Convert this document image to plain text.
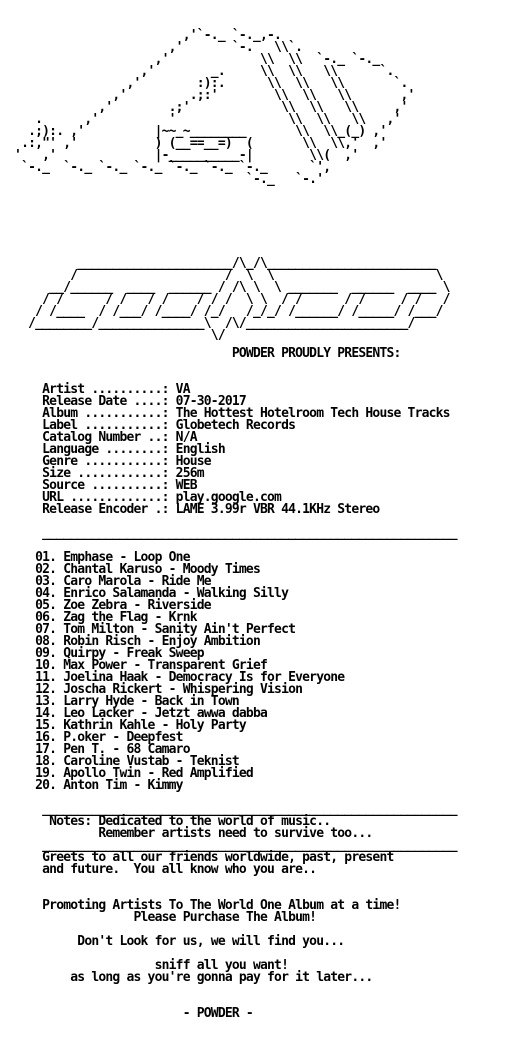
,'`-._ `-._,-.
,'       `-.   \\`.
,'             \\  \\  `-._ `-._
,'        _.     \\  \\   \\      `.
,'        :):.      \\  \\   \\       `.
,'         .;:'        \\  \\   \\       ,'
,'        .;'             \\  \\   \\     ,'
.      ,'          '                \\  \\   \\   ,'
.;):. ,'          |~~_~________       \\  \\_(_) ,'
.:,"' ,'           ) (__==__=)  (       \\  \\,'  ,'
'   ,'              |-__________-|        \\(  ,'
`-._  `-._ `-._ `-._ `-._ `-._ `-._      `',
`-._   `-.'
______________________/\_/\________________________
/                     /  \  \                       \
__/______  ____  ______ / /\ \  \ _______  ______  ____ \
/ /      / /   / /    / / /  \ \  / /      / /     / /   /
/ /____  / /___/ /____/ /_/   /_/_/ /______/ /_____/ /___/
/________/_______________\  /\/_______________________/
\/
POWDER PROUDLY PRESENTS:
Artist ..........: VA
Release Date ....: 07-30-2017
Album ...........: The Hottest Hotelroom Tech House Tracks
Label ...........: Globetech Records
Catalog Number ..: N/A
Language ........: English
Genre ...........: House
Size ............: 256m
Source ..........: WEB
URL .............: play.google.com
Release Encoder .: LAME 3.99r VBR 44.1KHz Stereo

___________________________________________________________
01. Emphase - Loop One
02. Chantal Karuso - Moody Times
03. Caro Marola - Ride Me
04. Enrico Salamanda - Walking Silly
05. Zoe Zebra - Riverside
06. Zag the Flag - Krnk
07. Tom Milton - Sanity Ain't Perfect
08. Robin Risch - Enjoy Ambition
09. Quirpy - Freak Sweep
10. Max Power - Transparent Grief
11. Joelina Haak - Democracy Is for Everyone
12. Joscha Rickert - Whispering Vision
13. Larry Hyde - Back in Town
14. Leo Lacker - Jetzt awwa dabba
15. Kathrin Kahle - Holy Party
16. P.oker - Deepfest
17. Pen T. - 68 Camaro
18. Caroline Vustab - Teknist
19. Apollo Twin - Red Amplified
20. Anton Tim - Kimmy
___________________________________________________________
Notes: Dedicated to the world of music..
Remember artists need to survive too...
___________________________________________________________
Greets to all our friends worldwide, past, present
and future.  You all know who you are..

Promoting Artists To The World One Album at a time!
Please Purchase The Album!

Don't Look for us, we will find you...

sniff all you want!
as long as you're gonna pay for it later...

- POWDER -
